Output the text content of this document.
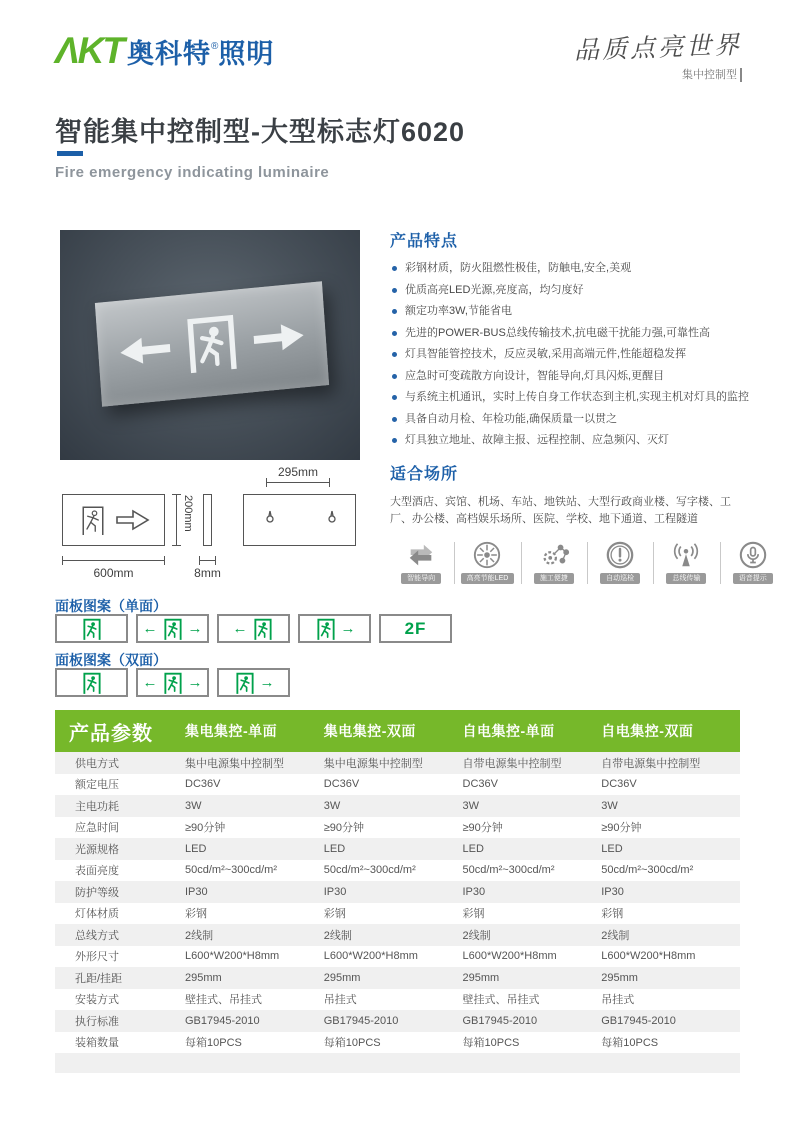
ΛKT 奥科特 ® 照明	品质点亮世界
集中控制型
智能集中控制型-大型标志灯6020
Fire emergency indicating luminaire
产品特点
彩钢材质，防火阻燃性极佳，防触电,安全,美观
优质高亮LED光源,亮度高，均匀度好
额定功率3W,节能省电
先进的POWER-BUS总线传输技术,抗电磁干扰能力强,可靠性高
灯具智能管控技术，反应灵敏,采用高端元件,性能超稳发挥
应急时可变疏散方向设计，智能导向,灯具闪烁,更醒目
与系统主机通讯，实时上传自身工作状态到主机,实现主机对灯具的监控
具备自动月检、年检功能,确保质量一以贯之
灯具独立地址、故障主报、远程控制、应急频闪、灭灯
适合场所
大型酒店、宾馆、机场、车站、地铁站、大型行政商业楼、写字楼、工厂、办公楼、高档娱乐场所、医院、学校、地下通道、工程隧道
200mm
600mm	8mm
295mm
智能导向	高亮节能LED	施工便捷	自动巡检	总线传输	语音提示
面板图案（单面）
← → ←	→	2F
面板图案（双面）
← →	→
产品参数	集电集控-单面	集电集控-双面	自电集控-单面	自电集控-双面
供电方式	集中电源集中控制型	集中电源集中控制型	自带电源集中控制型	自带电源集中控制型
额定电压	DC36V	DC36V	DC36V	DC36V
主电功耗	3W	3W	3W	3W
应急时间	≥90分钟	≥90分钟	≥90分钟	≥90分钟
光源规格	LED	LED	LED	LED
表面亮度	50cd/m²~300cd/m²	50cd/m²~300cd/m²	50cd/m²~300cd/m²	50cd/m²~300cd/m²
防护等级	IP30	IP30	IP30	IP30
灯体材质	彩钢	彩钢	彩钢	彩钢
总线方式	2线制	2线制	2线制	2线制
外形尺寸	L600*W200*H8mm	L600*W200*H8mm	L600*W200*H8mm	L600*W200*H8mm
孔距/挂距	295mm	295mm	295mm	295mm
安装方式	壁挂式、吊挂式	吊挂式	壁挂式、吊挂式	吊挂式
执行标准	GB17945-2010	GB17945-2010	GB17945-2010	GB17945-2010
装箱数量	每箱10PCS	每箱10PCS	每箱10PCS	每箱10PCS
